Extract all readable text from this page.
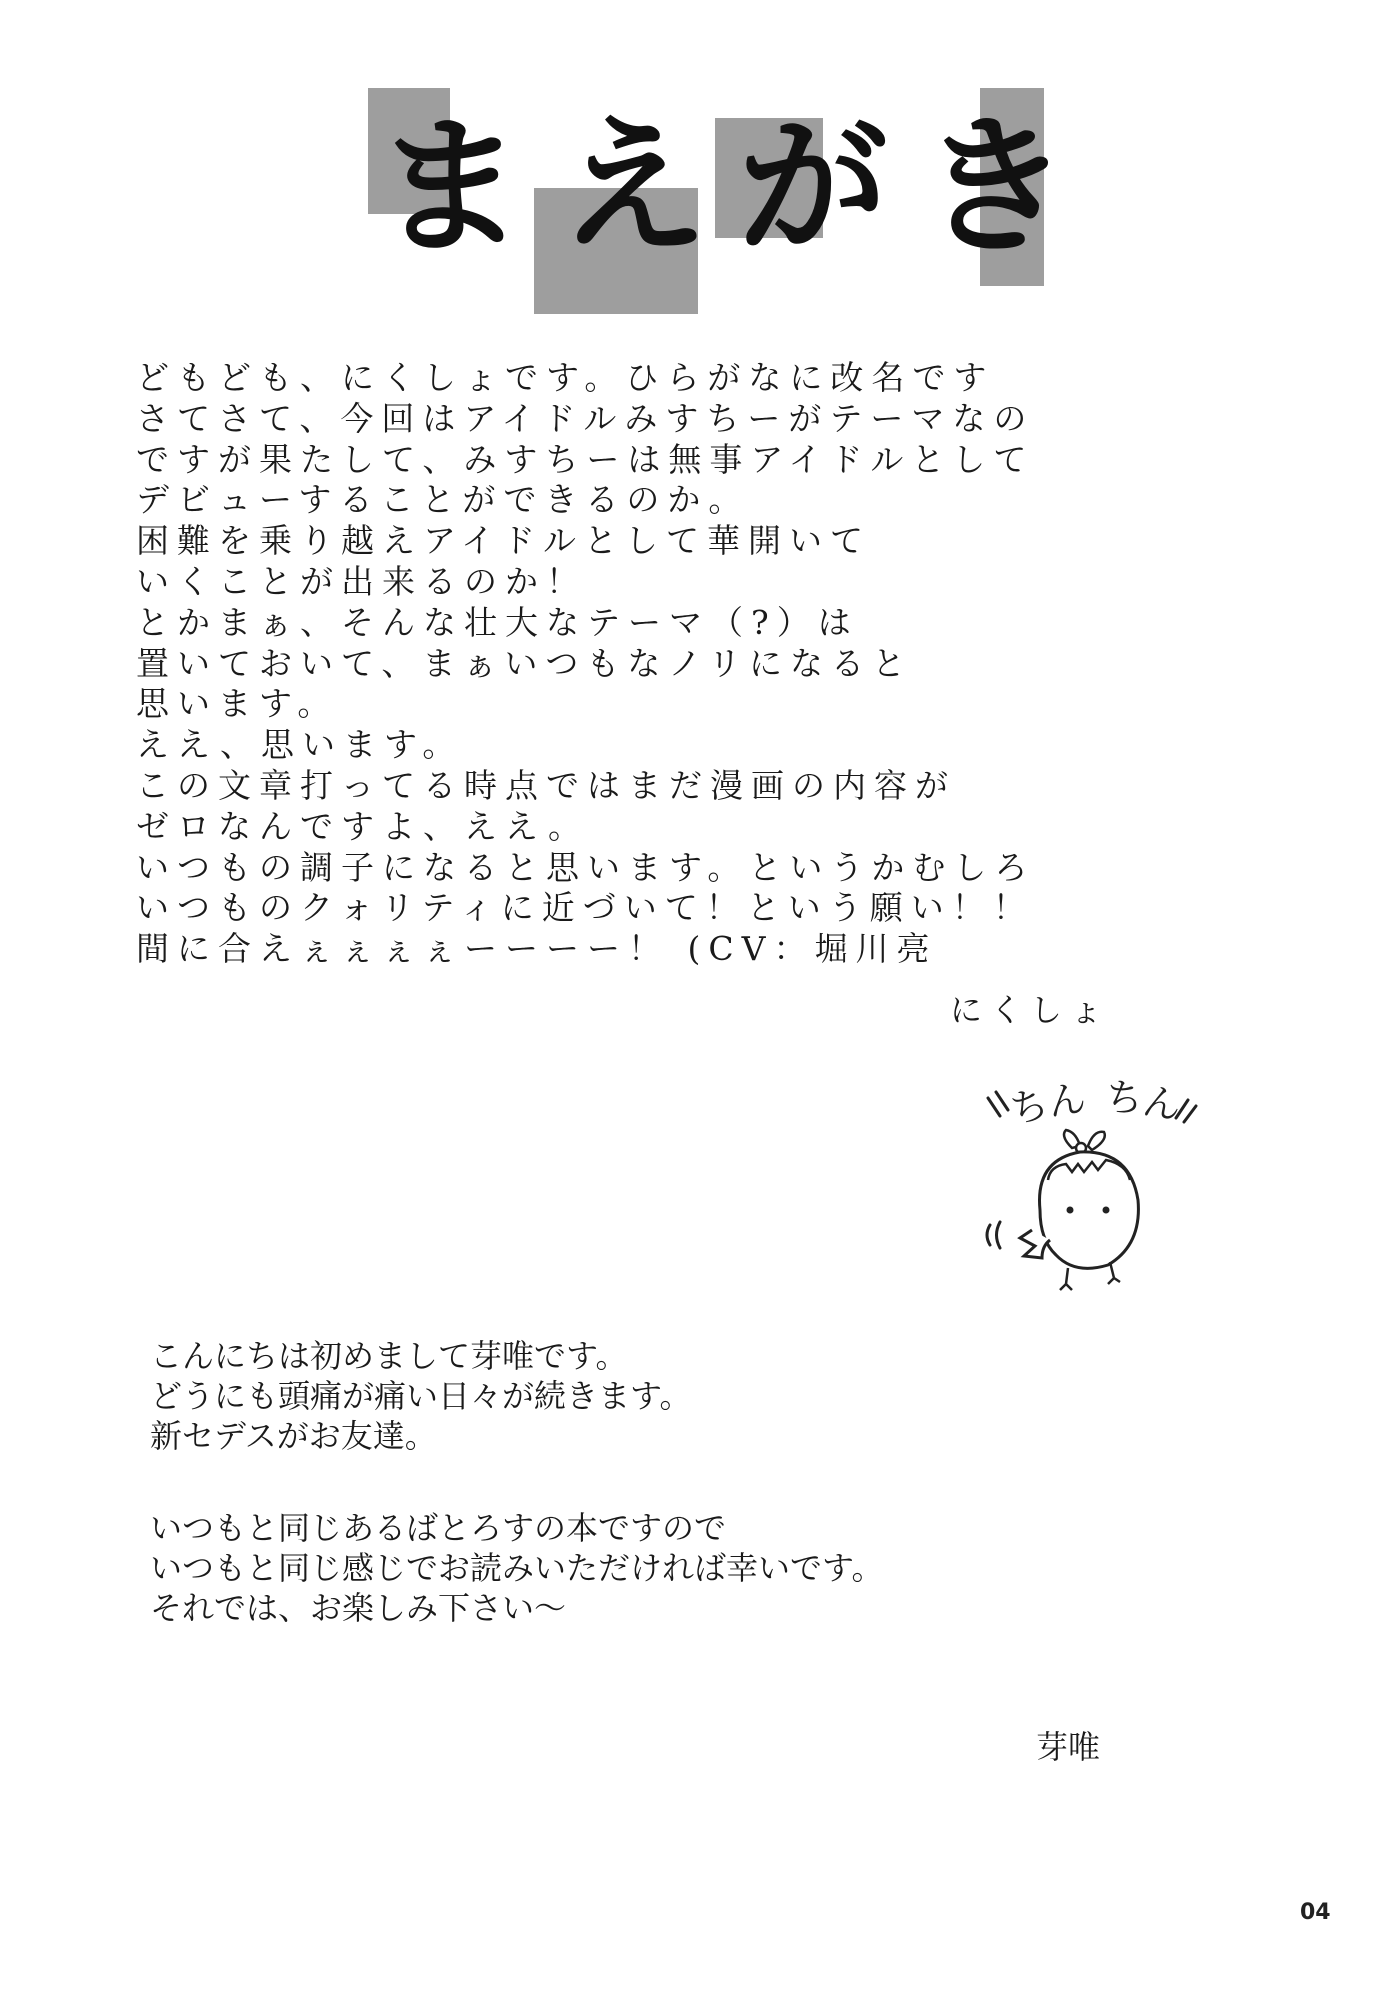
ま え が き
どもども、にくしょです。ひらがなに改名です
さてさて、今回はアイドルみすちーがテーマなの
ですが果たして、みすちーは無事アイドルとして
デビューすることができるのか。
困難を乗り越えアイドルとして華開いて
いくことが出来るのか！
とかまぁ、そんな壮大なテーマ（?）は
置いておいて、まぁいつもなノリになると
思います。
ええ、思います。
この文章打ってる時点ではまだ漫画の内容が
ゼロなんですよ、ええ。
いつもの調子になると思います。というかむしろ
いつものクォリティに近づいて！という願い！！
間に合えぇぇぇぇーーーー！ (CV：堀川亮
にくしょ
ちん ちん
こんにちは初めまして芽唯です。
どうにも頭痛が痛い日々が続きます。
新セデスがお友達。
いつもと同じあるばとろすの本ですので
いつもと同じ感じでお読みいただければ幸いです。
それでは、お楽しみ下さい～
芽唯
04
